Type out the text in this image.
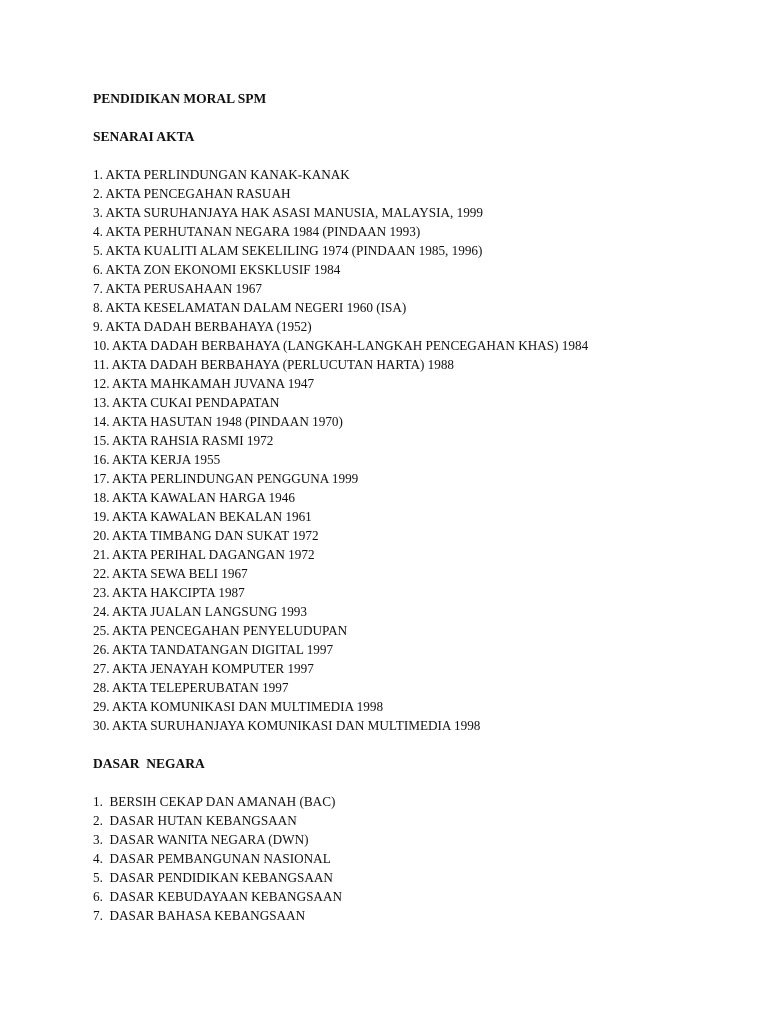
PENDIDIKAN MORAL SPM

SENARAI AKTA

1. AKTA PERLINDUNGAN KANAK-KANAK
2. AKTA PENCEGAHAN RASUAH
3. AKTA SURUHANJAYA HAK ASASI MANUSIA, MALAYSIA, 1999
4. AKTA PERHUTANAN NEGARA 1984 (PINDAAN 1993)
5. AKTA KUALITI ALAM SEKELILING 1974 (PINDAAN 1985, 1996)
6. AKTA ZON EKONOMI EKSKLUSIF 1984
7. AKTA PERUSAHAAN 1967
8. AKTA KESELAMATAN DALAM NEGERI 1960 (ISA)
9. AKTA DADAH BERBAHAYA (1952)
10. AKTA DADAH BERBAHAYA (LANGKAH-LANGKAH PENCEGAHAN KHAS) 1984
11. AKTA DADAH BERBAHAYA (PERLUCUTAN HARTA) 1988
12. AKTA MAHKAMAH JUVANA 1947
13. AKTA CUKAI PENDAPATAN
14. AKTA HASUTAN 1948 (PINDAAN 1970)
15. AKTA RAHSIA RASMI 1972
16. AKTA KERJA 1955
17. AKTA PERLINDUNGAN PENGGUNA 1999
18. AKTA KAWALAN HARGA 1946
19. AKTA KAWALAN BEKALAN 1961
20. AKTA TIMBANG DAN SUKAT 1972
21. AKTA PERIHAL DAGANGAN 1972
22. AKTA SEWA BELI 1967
23. AKTA HAKCIPTA 1987
24. AKTA JUALAN LANGSUNG 1993
25. AKTA PENCEGAHAN PENYELUDUPAN
26. AKTA TANDATANGAN DIGITAL 1997
27. AKTA JENAYAH KOMPUTER 1997
28. AKTA TELEPERUBATAN 1997
29. AKTA KOMUNIKASI DAN MULTIMEDIA 1998
30. AKTA SURUHANJAYA KOMUNIKASI DAN MULTIMEDIA 1998

DASAR  NEGARA

1.  BERSIH CEKAP DAN AMANAH (BAC)
2.  DASAR HUTAN KEBANGSAAN
3.  DASAR WANITA NEGARA (DWN)
4.  DASAR PEMBANGUNAN NASIONAL
5.  DASAR PENDIDIKAN KEBANGSAAN
6.  DASAR KEBUDAYAAN KEBANGSAAN
7.  DASAR BAHASA KEBANGSAAN
